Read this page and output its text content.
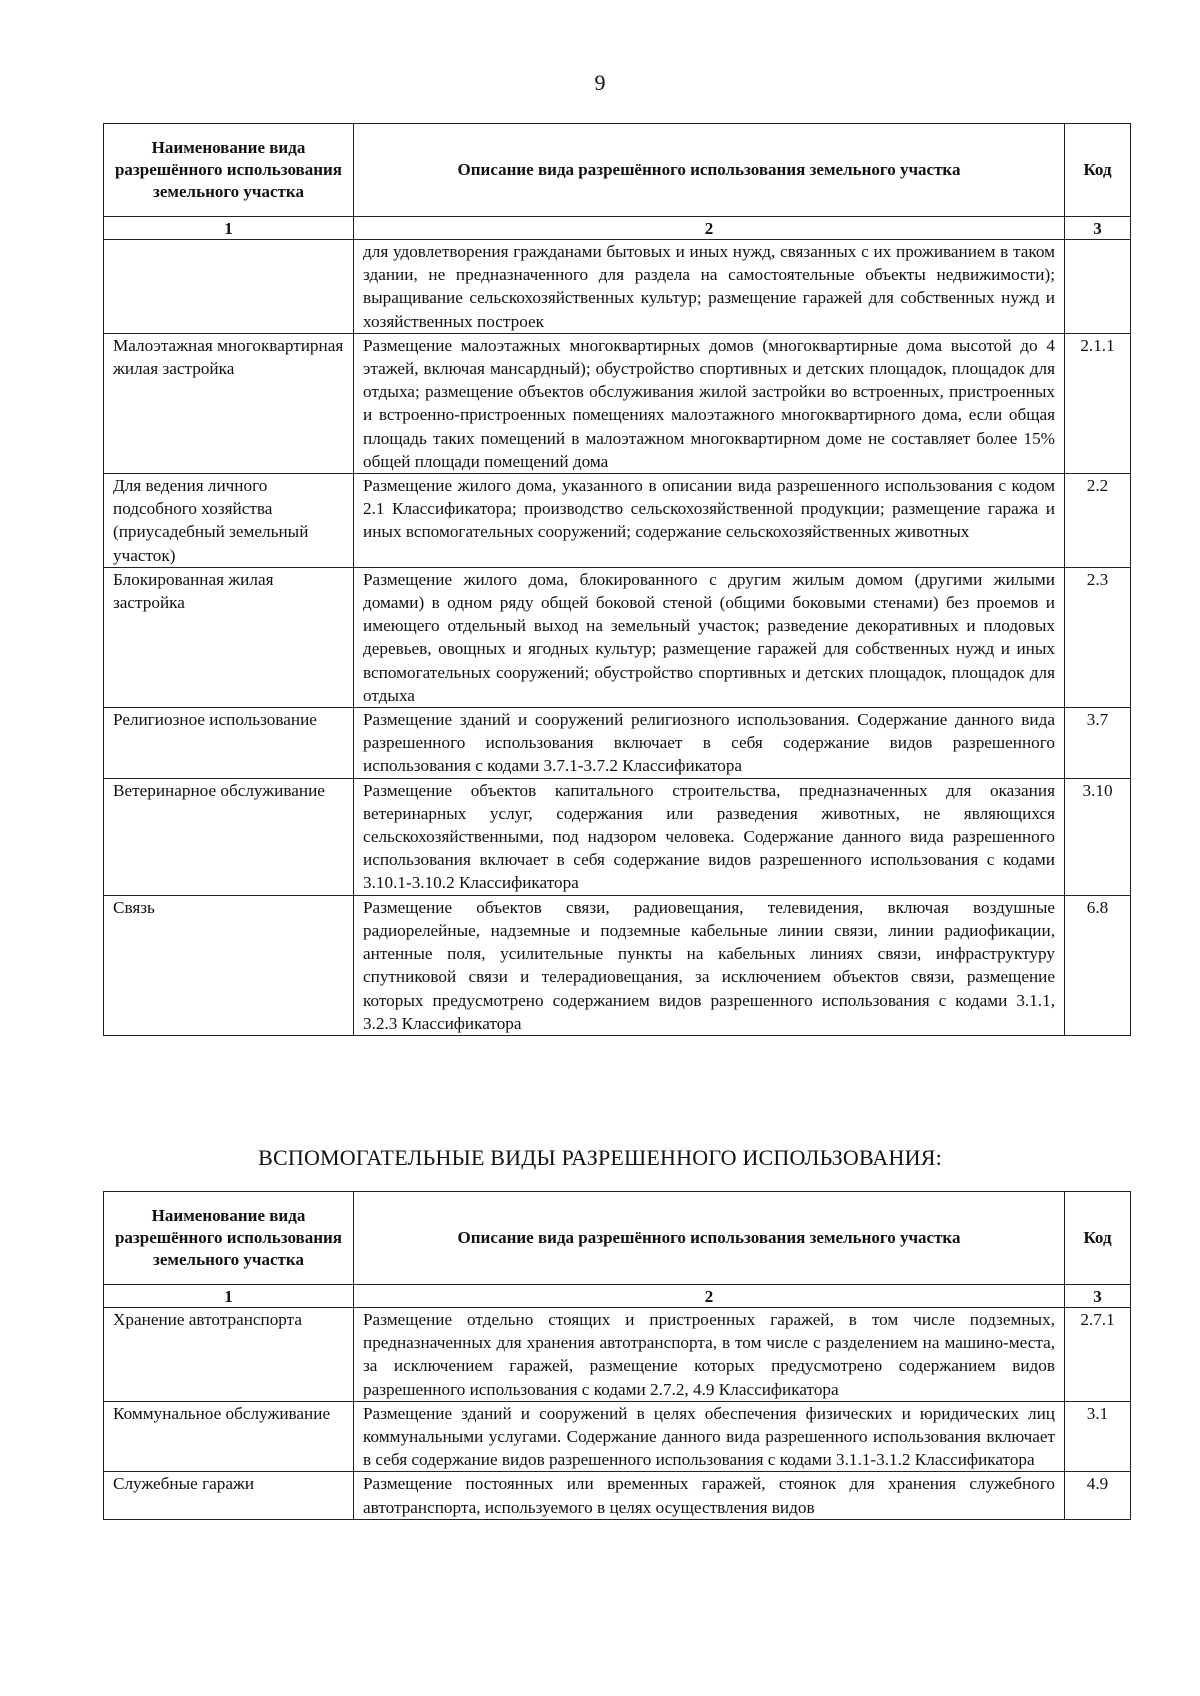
9
Наименование вида разрешённого использования земельного участка	Описание вида разрешённого использования земельного участка	Код
1	2	3
	для удовлетворения гражданами бытовых и иных нужд, связанных с их проживанием в таком здании, не предназначенного для раздела на самостоятельные объекты недвижимости); выращивание сельскохозяйственных культур; размещение гаражей для собственных нужд и хозяйственных построек	
Малоэтажная многоквартирная жилая застройка	Размещение малоэтажных многоквартирных домов (многоквартирные дома высотой до 4 этажей, включая мансардный); обустройство спортивных и детских площадок, площадок для отдыха; размещение объектов обслуживания жилой застройки во встроенных, пристроенных и встроенно-пристроенных помещениях малоэтажного многоквартирного дома, если общая площадь таких помещений в малоэтажном многоквартирном доме не составляет более 15% общей площади помещений дома	2.1.1
Для ведения личного подсобного хозяйства (приусадебный земельный участок)	Размещение жилого дома, указанного в описании вида разрешенного использования с кодом 2.1 Классификатора; производство сельскохозяйственной продукции; размещение гаража и иных вспомогательных сооружений; содержание сельскохозяйственных животных	2.2
Блокированная жилая застройка	Размещение жилого дома, блокированного с другим жилым домом (другими жилыми домами) в одном ряду общей боковой стеной (общими боковыми стенами) без проемов и имеющего отдельный выход на земельный участок; разведение декоративных и плодовых деревьев, овощных и ягодных культур; размещение гаражей для собственных нужд и иных вспомогательных сооружений; обустройство спортивных и детских площадок, площадок для отдыха	2.3
Религиозное использование	Размещение зданий и сооружений религиозного использования. Содержание данного вида разрешенного использования включает в себя содержание видов разрешенного использования с кодами 3.7.1-3.7.2 Классификатора	3.7
Ветеринарное обслуживание	Размещение объектов капитального строительства, предназначенных для оказания ветеринарных услуг, содержания или разведения животных, не являющихся сельскохозяйственными, под надзором человека. Содержание данного вида разрешенного использования включает в себя содержание видов разрешенного использования с кодами 3.10.1-3.10.2 Классификатора	3.10
Связь	Размещение объектов связи, радиовещания, телевидения, включая воздушные радиорелейные, надземные и подземные кабельные линии связи, линии радиофикации, антенные поля, усилительные пункты на кабельных линиях связи, инфраструктуру спутниковой связи и телерадиовещания, за исключением объектов связи, размещение которых предусмотрено содержанием видов разрешенного использования с кодами 3.1.1, 3.2.3 Классификатора	6.8
ВСПОМОГАТЕЛЬНЫЕ ВИДЫ РАЗРЕШЕННОГО ИСПОЛЬЗОВАНИЯ:
Наименование вида разрешённого использования земельного участка	Описание вида разрешённого использования земельного участка	Код
1	2	3
Хранение автотранспорта	Размещение отдельно стоящих и пристроенных гаражей, в том числе подземных, предназначенных для хранения автотранспорта, в том числе с разделением на машино-места, за исключением гаражей, размещение которых предусмотрено содержанием видов разрешенного использования с кодами 2.7.2, 4.9 Классификатора	2.7.1
Коммунальное обслуживание	Размещение зданий и сооружений в целях обеспечения физических и юридических лиц коммунальными услугами. Содержание данного вида разрешенного использования включает в себя содержание видов разрешенного использования с кодами 3.1.1-3.1.2 Классификатора	3.1
Служебные гаражи	Размещение постоянных или временных гаражей, стоянок для хранения служебного автотранспорта, используемого в целях осуществления видов	4.9
